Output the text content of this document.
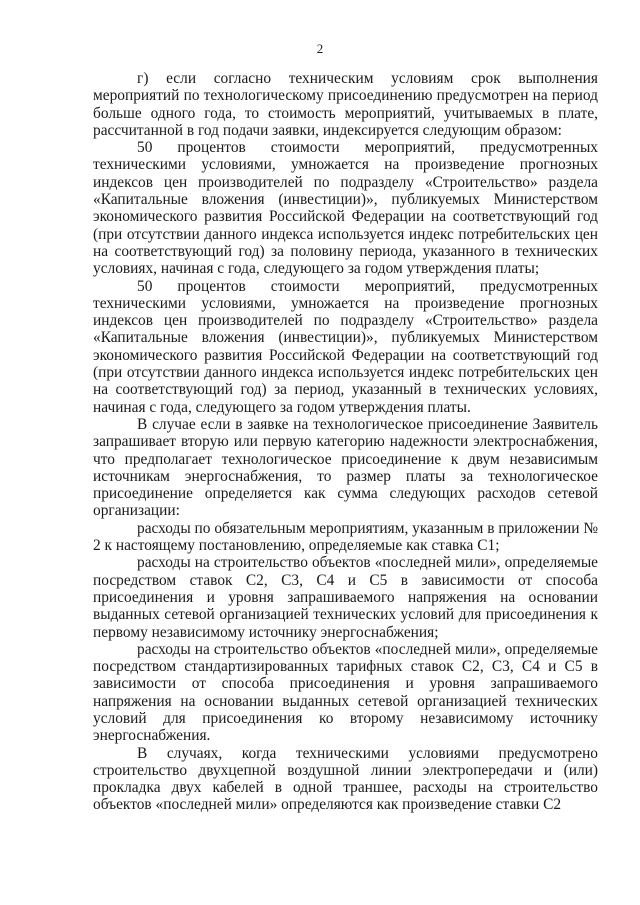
2

г) если согласно техническим условиям срок выполнения мероприятий по технологическому присоединению предусмотрен на период больше одного года, то стоимость мероприятий, учитываемых в плате, рассчитанной в год подачи заявки, индексируется следующим образом:

50 процентов стоимости мероприятий, предусмотренных техническими условиями, умножается на произведение прогнозных индексов цен производителей по подразделу «Строительство» раздела «Капитальные вложения (инвестиции)», публикуемых Министерством экономического развития Российской Федерации на соответствующий год (при отсутствии данного индекса используется индекс потребительских цен на соответствующий год) за половину периода, указанного в технических условиях, начиная с года, следующего за годом утверждения платы;

50 процентов стоимости мероприятий, предусмотренных техническими условиями, умножается на произведение прогнозных индексов цен производителей по подразделу «Строительство» раздела «Капитальные вложения (инвестиции)», публикуемых Министерством экономического развития Российской Федерации на соответствующий год (при отсутствии данного индекса используется индекс потребительских цен на соответствующий год) за период, указанный в технических условиях, начиная с года, следующего за годом утверждения платы.

В случае если в заявке на технологическое присоединение Заявитель запрашивает вторую или первую категорию надежности электроснабжения, что предполагает технологическое присоединение к двум независимым источникам энергоснабжения, то размер платы за технологическое присоединение определяется как сумма следующих расходов сетевой организации:

расходы по обязательным мероприятиям, указанным в приложении № 2 к настоящему постановлению, определяемые как ставка С1;

расходы на строительство объектов «последней мили», определяемые посредством ставок С2, С3, С4 и С5 в зависимости от способа присоединения и уровня запрашиваемого напряжения на основании выданных сетевой организацией технических условий для присоединения к первому независимому источнику энергоснабжения;

расходы на строительство объектов «последней мили», определяемые посредством стандартизированных тарифных ставок С2, С3, С4 и С5 в зависимости от способа присоединения и уровня запрашиваемого напряжения на основании выданных сетевой организацией технических условий для присоединения ко второму независимому источнику энергоснабжения.

В случаях, когда техническими условиями предусмотрено строительство двухцепной воздушной линии электропередачи и (или) прокладка двух кабелей в одной траншее, расходы на строительство объектов «последней мили» определяются как произведение ставки С2
